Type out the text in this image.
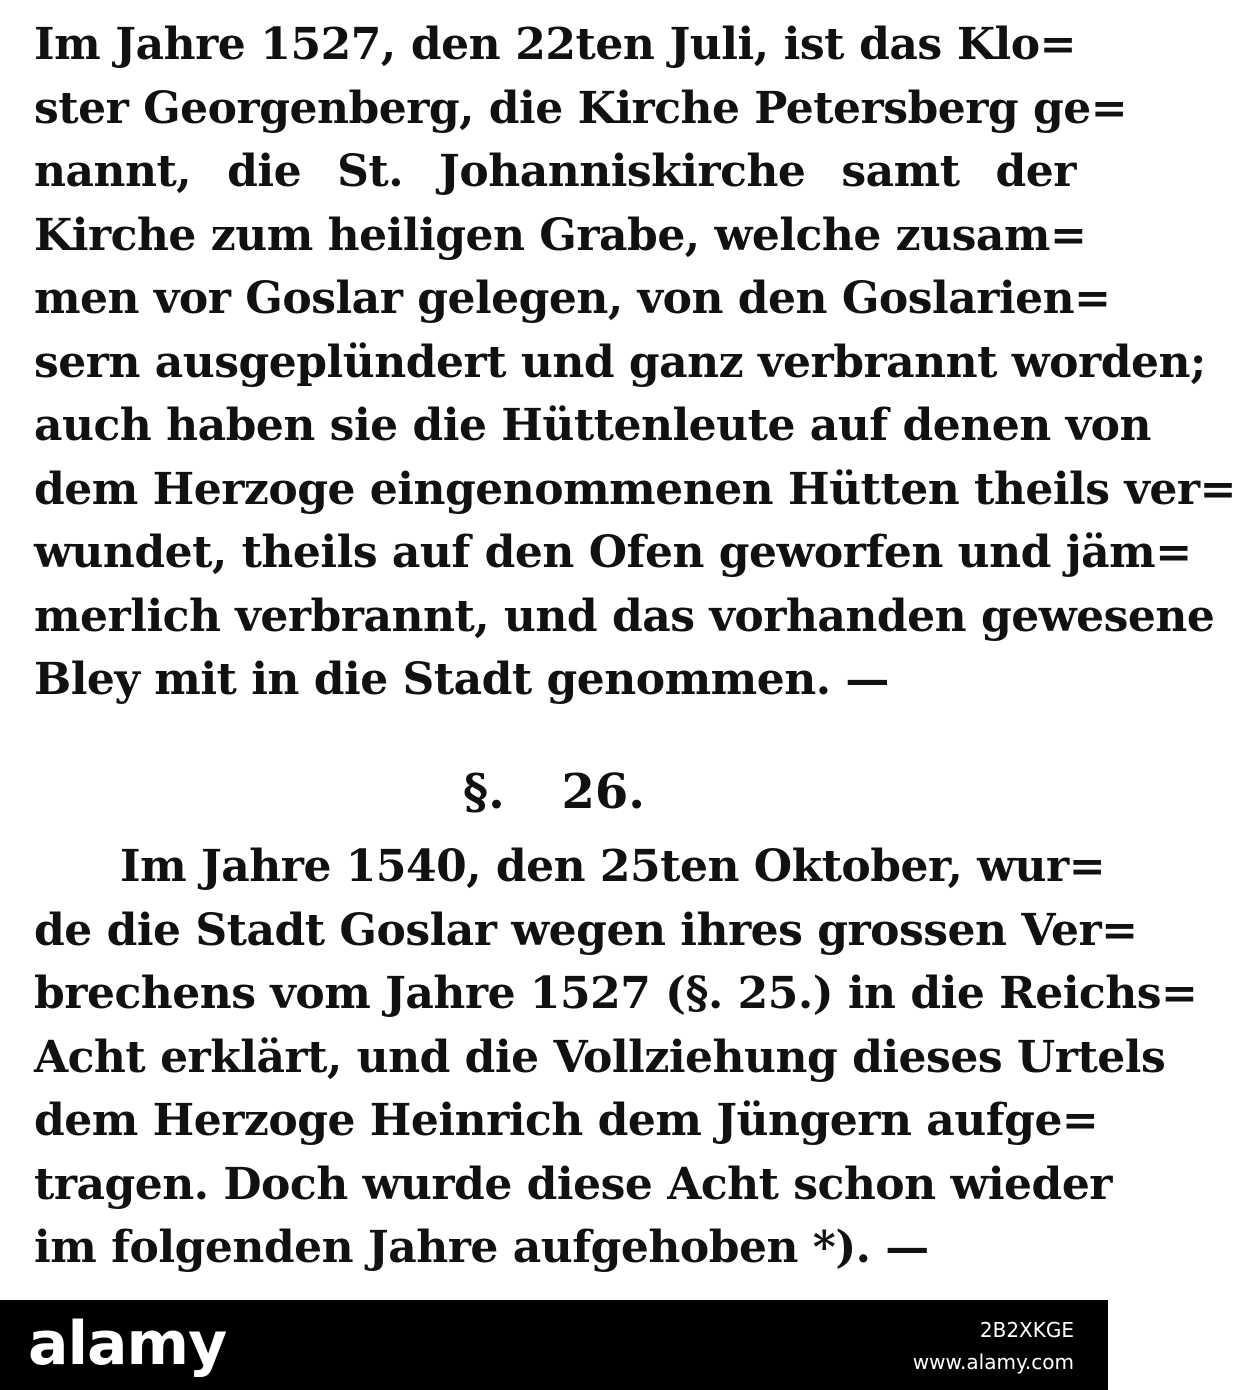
Im Jahre 1527, den 22ten Juli, ist das Klo=
ster Georgenberg, die Kirche Petersberg ge=
nannt, die St. Johanniskirche samt der
Kirche zum heiligen Grabe, welche zusam=
men vor Goslar gelegen, von den Goslarien=
sern ausgeplündert und ganz verbrannt worden;
auch haben sie die Hüttenleute auf denen von
dem Herzoge eingenommenen Hütten theils ver=
wundet, theils auf den Ofen geworfen und jäm=
merlich verbrannt, und das vorhanden gewesene
Bley mit in die Stadt genommen. —
§. 26.
Im Jahre 1540, den 25ten Oktober, wur=
de die Stadt Goslar wegen ihres grossen Ver=
brechens vom Jahre 1527 (§. 25.) in die Reichs=
Acht erklärt, und die Vollziehung dieses Urtels
dem Herzoge Heinrich dem Jüngern aufge=
tragen. Doch wurde diese Acht schon wieder
im folgenden Jahre aufgehoben *). —
alamy	2B2XKGE
www.alamy.com
